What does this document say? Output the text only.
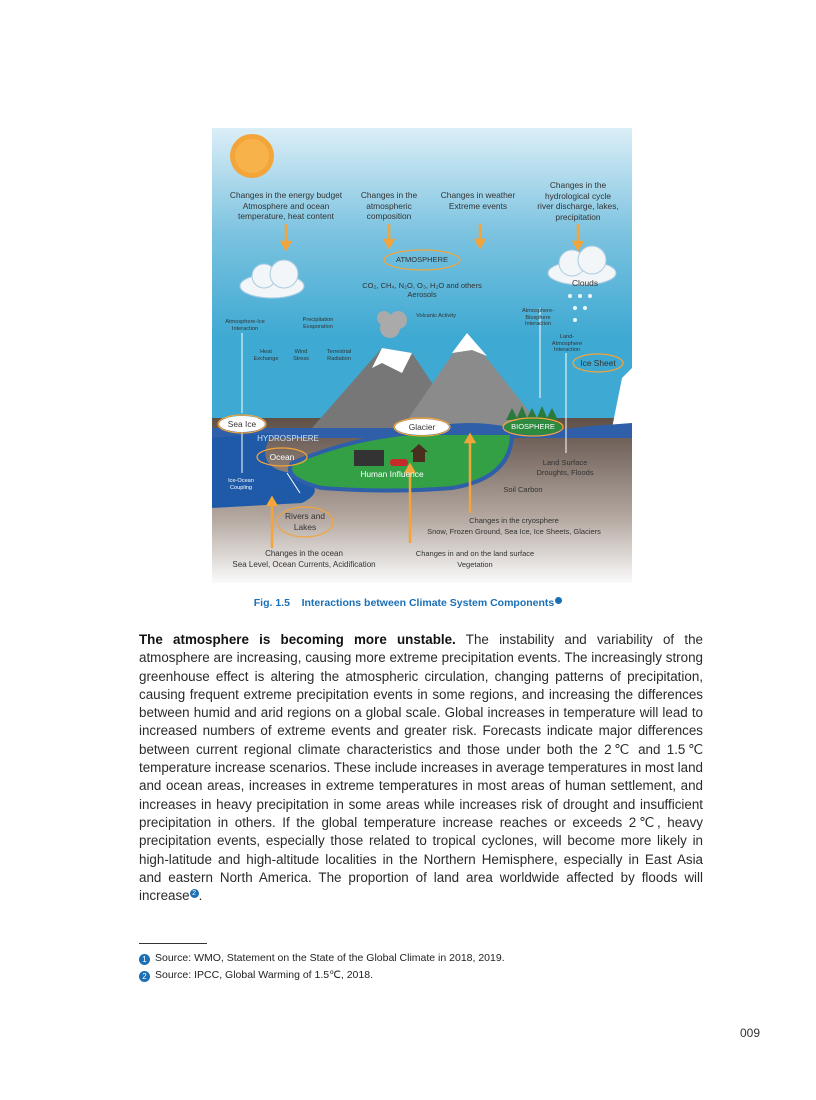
Changes in the energy budget
Atmosphere and ocean
temperature, heat content
Changes in the
atmospheric
composition
Changes in weather
Extreme events
Changes in the
hydrological cycle
river discharge, lakes,
precipitation
ATMOSPHERE
CO₂, CH₄, N₂O, O₃, H₂O and others
Aerosols
Clouds
Volcanic Activity
Atmosphere-Ice
Interaction
Precipitation
Evaporation
Heat
Exchange
Wind
Stress
Terrestrial
Radiation
Atmosphere-
Biosphere
Interaction
Land-
Atmosphere
Interaction
Ice Sheet
Sea Ice	Glacier	BIOSPHERE
HYDROSPHERE
Ocean
Ice-Ocean
Coupling
Human Influence
Land Surface
Droughts, Floods
Soil Carbon
Rivers and
Lakes
Changes in the cryosphere
Snow, Frozen Ground, Sea Ice, Ice Sheets, Glaciers
Changes in the ocean
Sea Level, Ocean Currents, Acidification
Changes in and on the land surface
Vegetation
Fig. 1.5    Interactions between Climate System Components
The atmosphere is becoming more unstable. The instability and variability of the atmosphere are increasing, causing more extreme precipitation events. The increasingly strong greenhouse effect is altering the atmospheric circulation, changing patterns of precipitation, causing frequent extreme precipitation events in some regions, and increasing the differences between humid and arid regions on a global scale. Global increases in temperature will lead to increased numbers of extreme events and greater risk. Forecasts indicate major differences between current regional climate characteristics and those under both the 2℃ and 1.5℃ temperature increase scenarios. These include increases in average temperatures in most land and ocean areas, increases in extreme temperatures in most areas of human settlement, and increases in heavy precipitation in some areas while increases risk of drought and insufficient precipitation in others. If the global temperature increase reaches or exceeds 2℃, heavy precipitation events, especially those related to tropical cyclones, will become more likely in high-latitude and high-altitude localities in the Northern Hemisphere, especially in East Asia and eastern North America. The proportion of land area worldwide affected by floods will increase $^2$ .
1 Source: WMO, Statement on the State of the Global Climate in 2018, 2019.
2 Source: IPCC, Global Warming of 1.5℃, 2018.
009
